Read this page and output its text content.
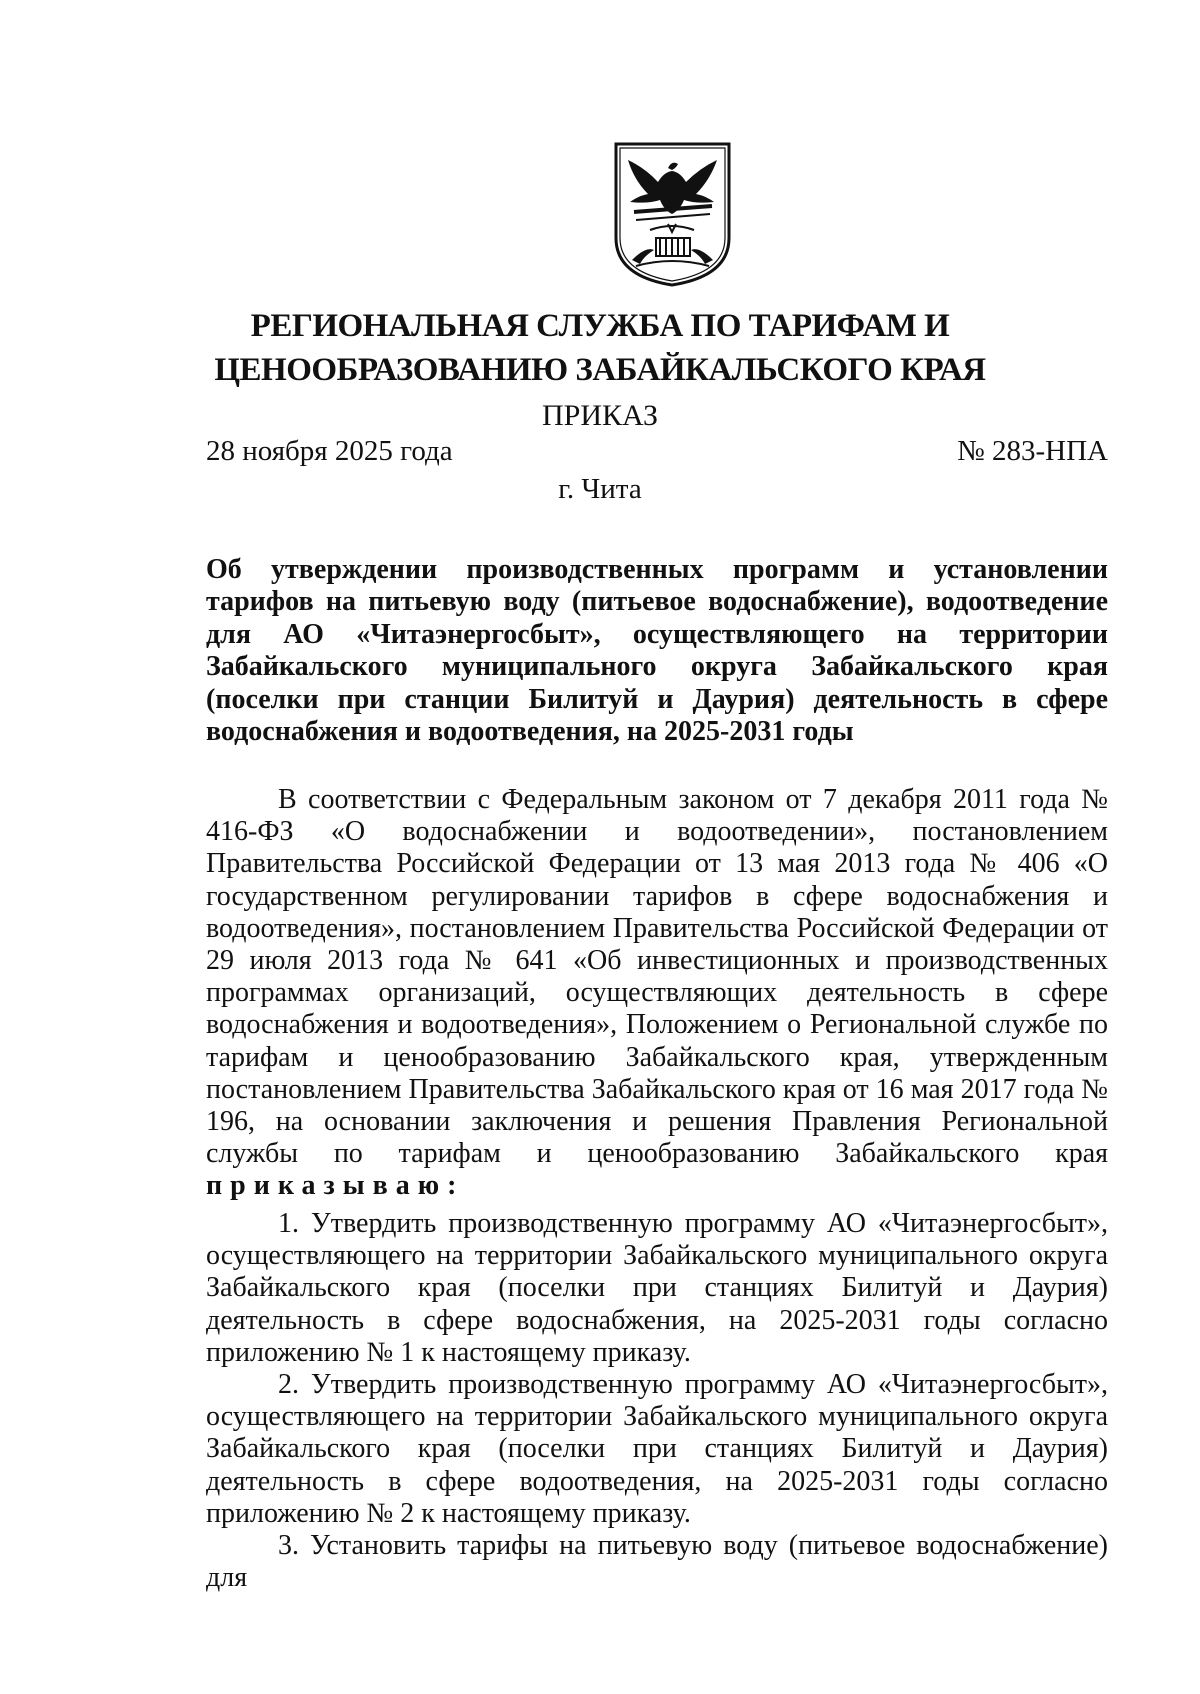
РЕГИОНАЛЬНАЯ СЛУЖБА ПО ТАРИФАМ И
ЦЕНООБРАЗОВАНИЮ ЗАБАЙКАЛЬСКОГО КРАЯ
ПРИКАЗ
28 ноября 2025 года	№ 283-НПА
г. Чита
Об утверждении производственных программ и установлении тарифов на питьевую воду (питьевое водоснабжение), водоотведение для АО «Читаэнергосбыт», осуществляющего на территории Забайкальского муниципального округа Забайкальского края (поселки при станции Билитуй и Даурия) деятельность в сфере водоснабжения и водоотведения, на 2025-2031 годы

В соответствии с Федеральным законом от 7 декабря 2011 года № 416-ФЗ «О водоснабжении и водоотведении», постановлением Правительства Российской Федерации от 13 мая 2013 года № 406 «О государственном регулировании тарифов в сфере водоснабжения и водоотведения», постановлением Правительства Российской Федерации от 29 июля 2013 года № 641 «Об инвестиционных и производственных программах организаций, осуществляющих деятельность в сфере водоснабжения и водоотведения», Положением о Региональной службе по тарифам и ценообразованию Забайкальского края, утвержденным постановлением Правительства Забайкальского края от 16 мая 2017 года № 196, на основании заключения и решения Правления Региональной службы по тарифам и ценообразованию Забайкальского края приказываю:

1. Утвердить производственную программу АО «Читаэнергосбыт», осуществляющего на территории Забайкальского муниципального округа Забайкальского края (поселки при станциях Билитуй и Даурия) деятельность в сфере водоснабжения, на 2025-2031 годы согласно приложению № 1 к настоящему приказу.

2. Утвердить производственную программу АО «Читаэнергосбыт», осуществляющего на территории Забайкальского муниципального округа Забайкальского края (поселки при станциях Билитуй и Даурия) деятельность в сфере водоотведения, на 2025-2031 годы согласно приложению № 2 к настоящему приказу.

3. Установить тарифы на питьевую воду (питьевое водоснабжение) для
